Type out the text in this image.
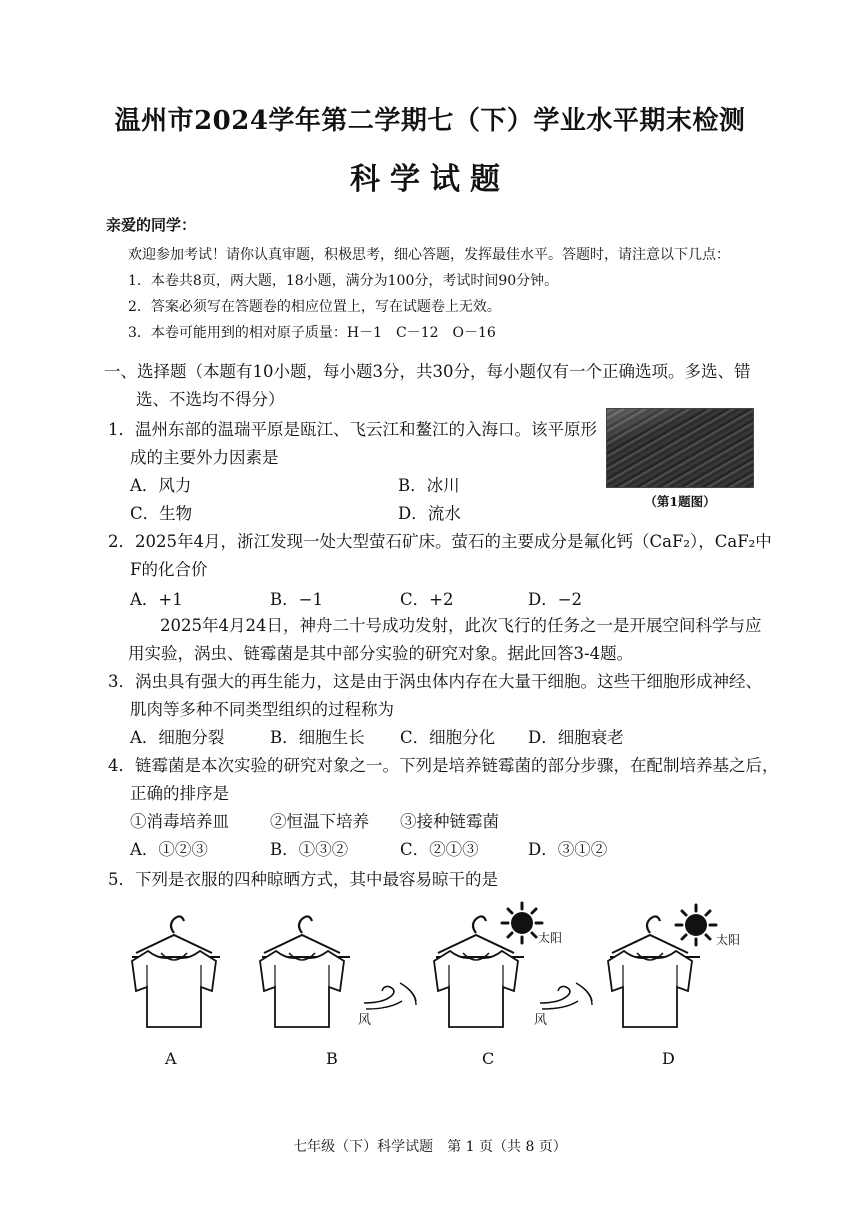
温州市2024学年第二学期七（下）学业水平期末检测
科学试题
亲爱的同学：
欢迎参加考试！请你认真审题，积极思考，细心答题，发挥最佳水平。答题时，请注意以下几点：
1．本卷共8页，两大题，18小题，满分为100分，考试时间90分钟。
2．答案必须写在答题卷的相应位置上，写在试题卷上无效。
3．本卷可能用到的相对原子质量：H－1　C－12　O－16
一、选择题（本题有10小题，每小题3分，共30分，每小题仅有一个正确选项。多选、错
选、不选均不得分）
1．温州东部的温瑞平原是瓯江、飞云江和鳌江的入海口。该平原形
成的主要外力因素是
A．风力	B．冰川
C．生物	D．流水
（第1题图）
2．2025年4月，浙江发现一处大型萤石矿床。萤石的主要成分是氟化钙（CaF₂），CaF₂中
F的化合价
A．+1	B．−1	C．+2	D．−2
2025年4月24日，神舟二十号成功发射，此次飞行的任务之一是开展空间科学与应
用实验，涡虫、链霉菌是其中部分实验的研究对象。据此回答3-4题。
3．涡虫具有强大的再生能力，这是由于涡虫体内存在大量干细胞。这些干细胞形成神经、
肌肉等多种不同类型组织的过程称为
A．细胞分裂	B．细胞生长 C．细胞分化 D．细胞衰老
4．链霉菌是本次实验的研究对象之一。下列是培养链霉菌的部分步骤，在配制培养基之后，
正确的排序是
①消毒培养皿 ②恒温下培养 ③接种链霉菌
A．①②③	B．①③②	C．②①③	D．③①②
5．下列是衣服的四种晾晒方式，其中最容易晾干的是
A	B	C	D
风	风
太阳	太阳
七年级（下）科学试题　第 1 页（共 8 页）
